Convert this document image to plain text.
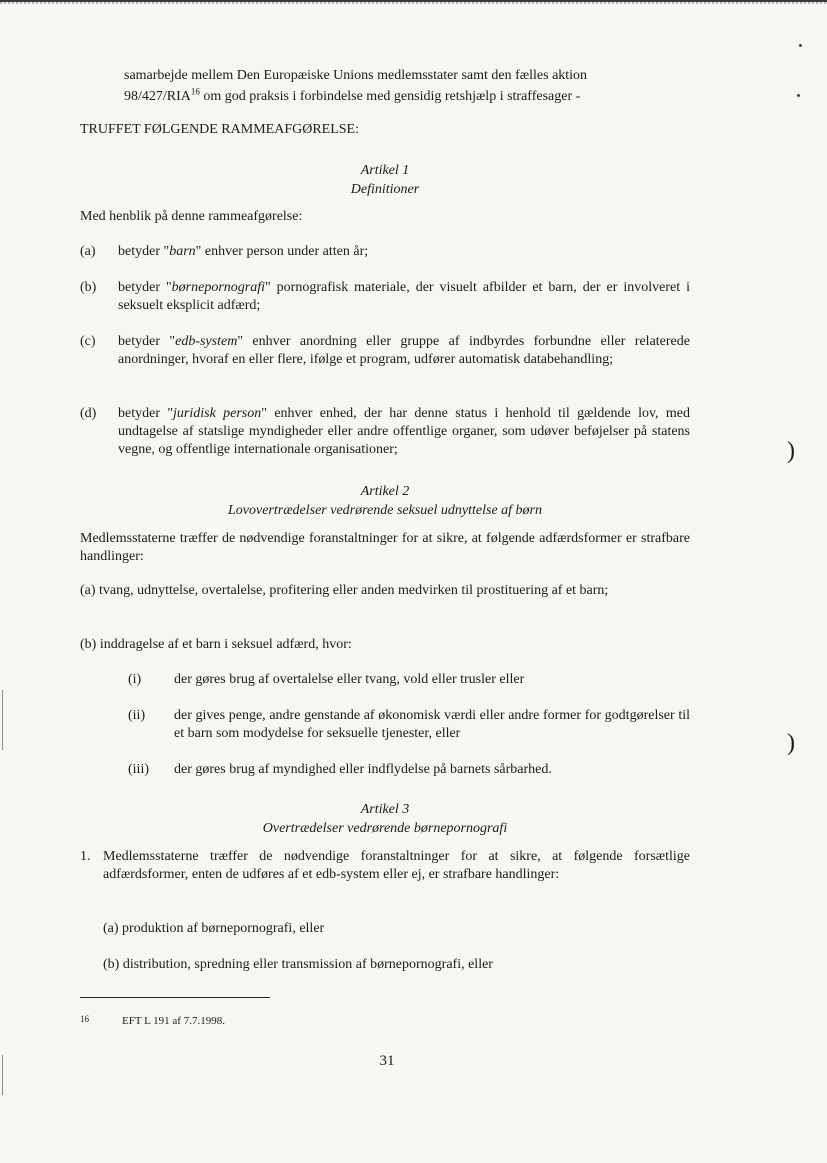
samarbejde mellem Den Europæiske Unions medlemsstater samt den fælles aktion
98/427/RIA$^{16}$ om god praksis i forbindelse med gensidig retshjælp i straffesager -
TRUFFET FØLGENDE RAMMEAFGØRELSE:
Artikel 1
Definitioner
Med henblik på denne rammeafgørelse:
(a) betyder "barn" enhver person under atten år;
(b) betyder "børnepornografi" pornografisk materiale, der visuelt afbilder et barn, der er involveret i seksuelt eksplicit adfærd;
(c) betyder "edb-system" enhver anordning eller gruppe af indbyrdes forbundne eller relaterede anordninger, hvoraf en eller flere, ifølge et program, udfører automatisk databehandling;
(d) betyder "juridisk person" enhver enhed, der har denne status i henhold til gældende lov, med undtagelse af statslige myndigheder eller andre offentlige organer, som udøver beføjelser på statens vegne, og offentlige internationale organisationer;	)
Artikel 2
Lovovertrædelser vedrørende seksuel udnyttelse af børn
Medlemsstaterne træffer de nødvendige foranstaltninger for at sikre, at følgende adfærdsformer er strafbare handlinger:
(a) tvang, udnyttelse, overtalelse, profitering eller anden medvirken til prostituering af et barn;
(b) inddragelse af et barn i seksuel adfærd, hvor:
(i) der gøres brug af overtalelse eller tvang, vold eller trusler eller
(ii) der gives penge, andre genstande af økonomisk værdi eller andre former for godtgørelser til et barn som modydelse for seksuelle tjenester, eller
(iii) der gøres brug af myndighed eller indflydelse på barnets sårbarhed.
)
Artikel 3
Overtrædelser vedrørende børnepornografi
1. Medlemsstaterne træffer de nødvendige foranstaltninger for at sikre, at følgende forsætlige adfærdsformer, enten de udføres af et edb-system eller ej, er strafbare handlinger:
(a) produktion af børnepornografi, eller
(b) distribution, spredning eller transmission af børnepornografi, eller
16	EFT L 191 af 7.7.1998.
31
